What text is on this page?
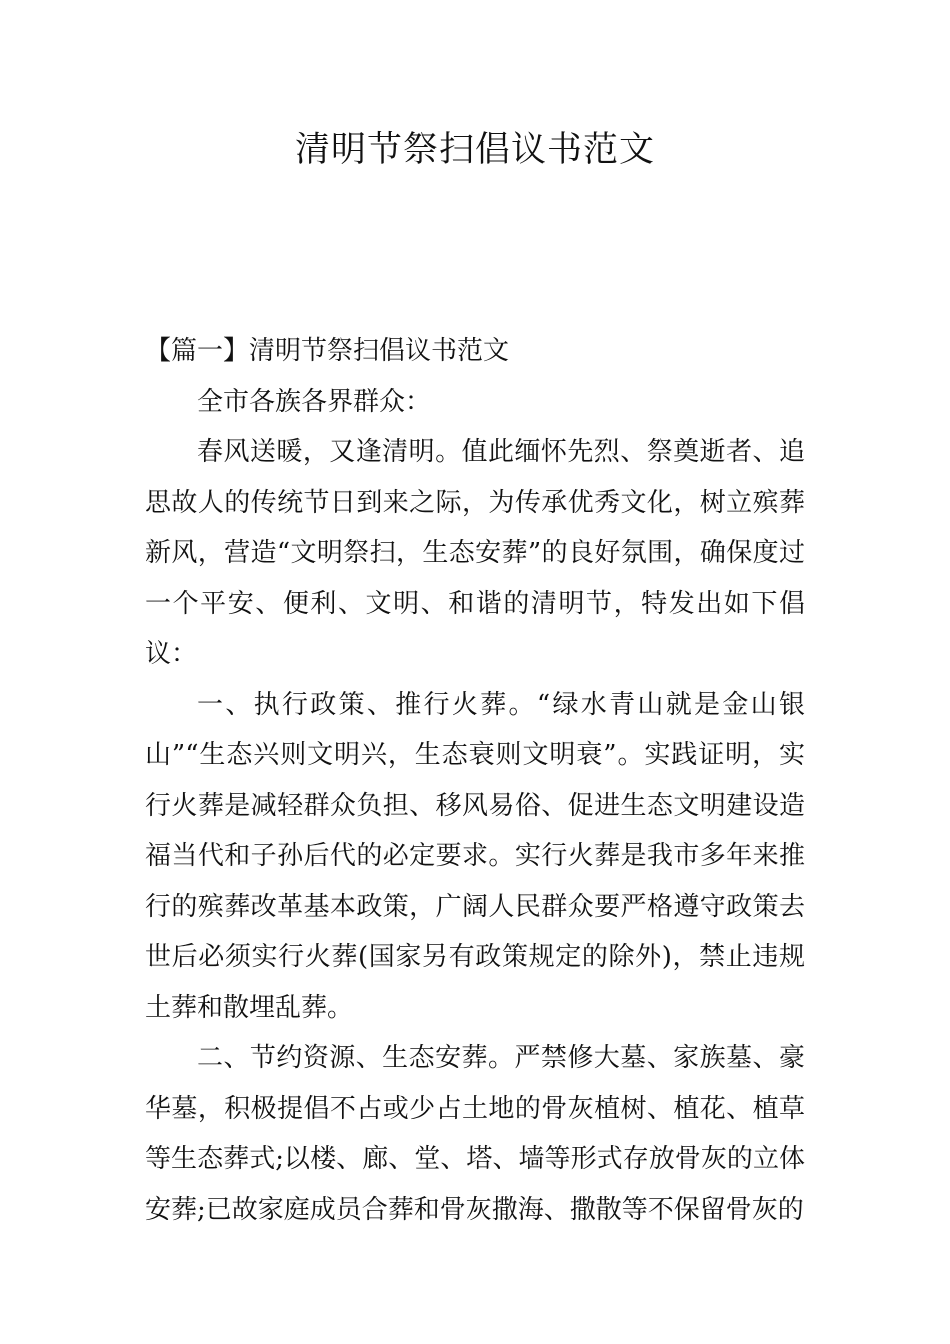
清明节祭扫倡议书范文

【篇一】清明节祭扫倡议书范文

全市各族各界群众：

春风送暖，又逢清明。值此缅怀先烈、祭奠逝者、追思故人的传统节日到来之际，为传承优秀文化，树立殡葬新风，营造“文明祭扫，生态安葬”的良好氛围，确保度过一个平安、便利、文明、和谐的清明节，特发出如下倡议：

一、执行政策、推行火葬。“绿水青山就是金山银山”“生态兴则文明兴，生态衰则文明衰”。实践证明，实行火葬是减轻群众负担、移风易俗、促进生态文明建设造福当代和子孙后代的必定要求。实行火葬是我市多年来推行的殡葬改革基本政策，广阔人民群众要严格遵守政策去世后必须实行火葬(国家另有政策规定的除外)，禁止违规土葬和散埋乱葬。

二、节约资源、生态安葬。严禁修大墓、家族墓、豪华墓，积极提倡不占或少占土地的骨灰植树、植花、植草等生态葬式;以楼、廊、堂、塔、墙等形式存放骨灰的立体安葬;已故家庭成员合葬和骨灰撒海、撒散等不保留骨灰的
